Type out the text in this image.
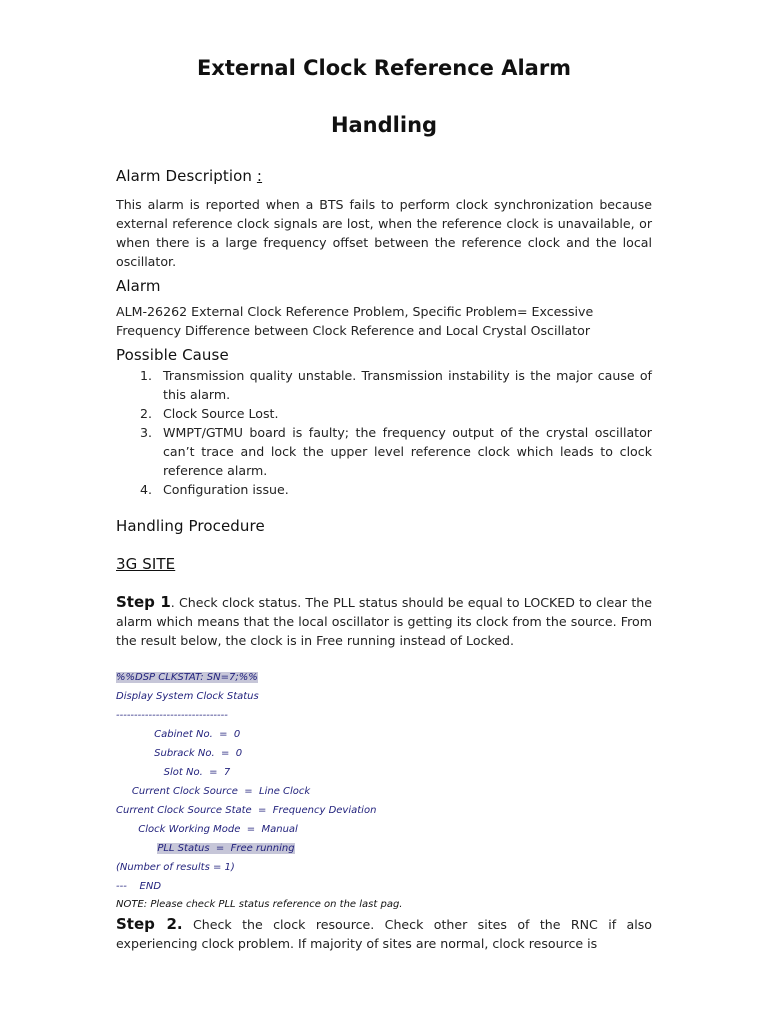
External Clock Reference Alarm
Handling
Alarm Description :
This alarm is reported when a BTS fails to perform clock synchronization because external reference clock signals are lost, when the reference clock is unavailable, or when there is a large frequency offset between the reference clock and the local oscillator.
Alarm
ALM-26262 External Clock Reference Problem, Specific Problem= Excessive Frequency Difference between Clock Reference and Local Crystal Oscillator
Possible Cause
1. Transmission quality unstable. Transmission instability is the major cause of this alarm.
2. Clock Source Lost.
3. WMPT/GTMU board is faulty; the frequency output of the crystal oscillator can’t trace and lock the upper level reference clock which leads to clock reference alarm.
4. Configuration issue.
Handling Procedure
3G SITE
Step 1. Check clock status. The PLL status should be equal to LOCKED to clear the alarm which means that the local oscillator is getting its clock from the source. From the result below, the clock is in Free running instead of Locked.
%%DSP CLKSTAT: SN=7;%%
Display System Clock Status
-------------------------------
Cabinet No.  =  0
Subrack No.  =  0
Slot No.  =  7
Current Clock Source  =  Line Clock
Current Clock Source State  =  Frequency Deviation
Clock Working Mode  =  Manual
PLL Status  =  Free running
(Number of results = 1)
---    END
NOTE: Please check PLL status reference on the last pag.
Step 2. Check the clock resource. Check other sites of the RNC if also experiencing clock problem. If majority of sites are normal, clock resource is
